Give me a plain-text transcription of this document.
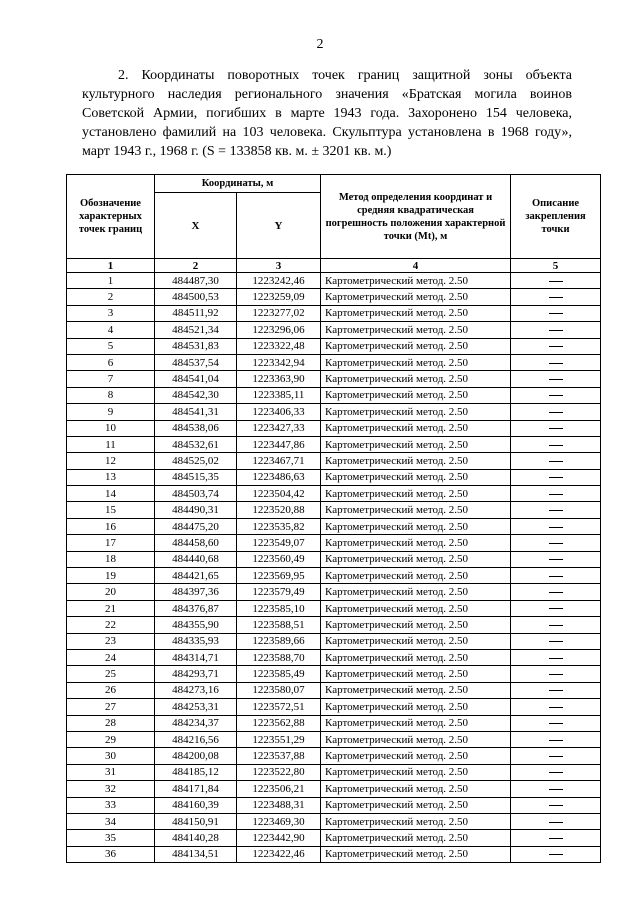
2
2. Координаты поворотных точек границ защитной зоны объекта культурного наследия регионального значения «Братская могила воинов Советской Армии, погибших в марте 1943 года. Захоронено 154 человека, установлено фамилий на 103 человека. Скульптура установлена в 1968 году», март 1943 г., 1968 г. (S = 133858 кв. м. ± 3201 кв. м.)
Обозначение характерных точек границ	Координаты, м		Метод определения координат и средняя квадратическая погрешность положения характерной точки (Mt), м	Описание закрепления точки
	X	Y		
1	2	3	4	5
1	484487,30	1223242,46	Картометрический метод. 2.50	
2	484500,53	1223259,09	Картометрический метод. 2.50	
3	484511,92	1223277,02	Картометрический метод. 2.50	
4	484521,34	1223296,06	Картометрический метод. 2.50	
5	484531,83	1223322,48	Картометрический метод. 2.50	
6	484537,54	1223342,94	Картометрический метод. 2.50	
7	484541,04	1223363,90	Картометрический метод. 2.50	
8	484542,30	1223385,11	Картометрический метод. 2.50	
9	484541,31	1223406,33	Картометрический метод. 2.50	
10	484538,06	1223427,33	Картометрический метод. 2.50	
11	484532,61	1223447,86	Картометрический метод. 2.50	
12	484525,02	1223467,71	Картометрический метод. 2.50	
13	484515,35	1223486,63	Картометрический метод. 2.50	
14	484503,74	1223504,42	Картометрический метод. 2.50	
15	484490,31	1223520,88	Картометрический метод. 2.50	
16	484475,20	1223535,82	Картометрический метод. 2.50	
17	484458,60	1223549,07	Картометрический метод. 2.50	
18	484440,68	1223560,49	Картометрический метод. 2.50	
19	484421,65	1223569,95	Картометрический метод. 2.50	
20	484397,36	1223579,49	Картометрический метод. 2.50	
21	484376,87	1223585,10	Картометрический метод. 2.50	
22	484355,90	1223588,51	Картометрический метод. 2.50	
23	484335,93	1223589,66	Картометрический метод. 2.50	
24	484314,71	1223588,70	Картометрический метод. 2.50	
25	484293,71	1223585,49	Картометрический метод. 2.50	
26	484273,16	1223580,07	Картометрический метод. 2.50	
27	484253,31	1223572,51	Картометрический метод. 2.50	
28	484234,37	1223562,88	Картометрический метод. 2.50	
29	484216,56	1223551,29	Картометрический метод. 2.50	
30	484200,08	1223537,88	Картометрический метод. 2.50	
31	484185,12	1223522,80	Картометрический метод. 2.50	
32	484171,84	1223506,21	Картометрический метод. 2.50	
33	484160,39	1223488,31	Картометрический метод. 2.50	
34	484150,91	1223469,30	Картометрический метод. 2.50	
35	484140,28	1223442,90	Картометрический метод. 2.50	
36	484134,51	1223422,46	Картометрический метод. 2.50	
